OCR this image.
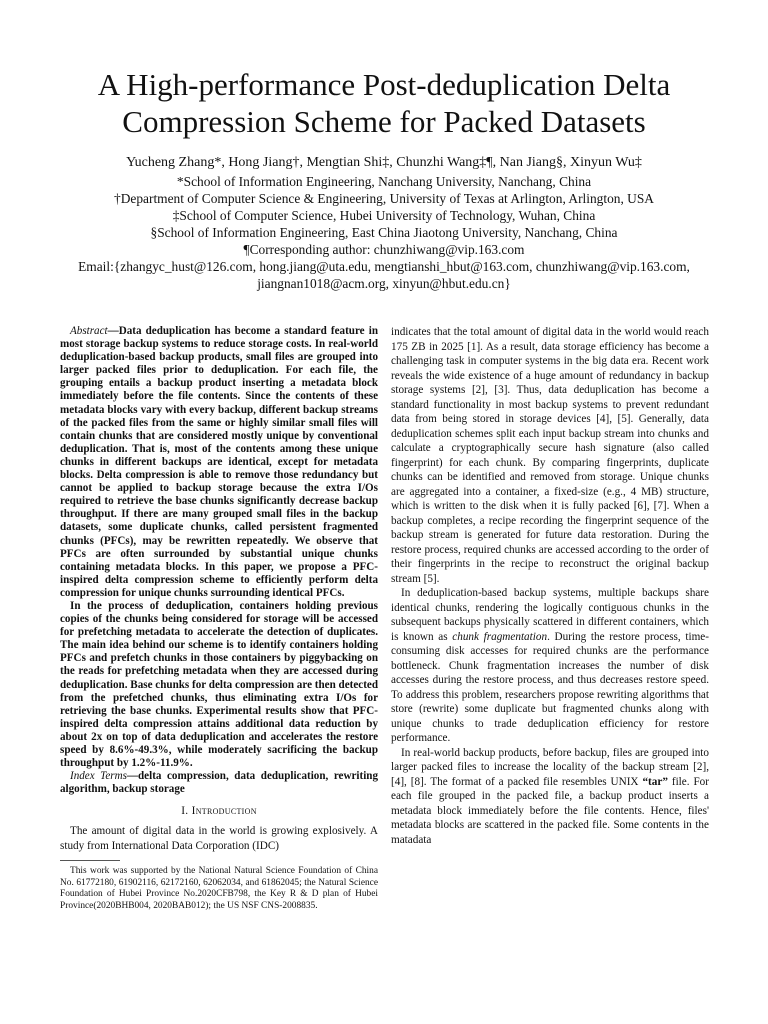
A High-performance Post-deduplication Delta
Compression Scheme for Packed Datasets
Yucheng Zhang*, Hong Jiang†, Mengtian Shi‡, Chunzhi Wang‡¶, Nan Jiang§, Xinyun Wu‡
*School of Information Engineering, Nanchang University, Nanchang, China
†Department of Computer Science & Engineering, University of Texas at Arlington, Arlington, USA
‡School of Computer Science, Hubei University of Technology, Wuhan, China
§School of Information Engineering, East China Jiaotong University, Nanchang, China
¶Corresponding author: chunzhiwang@vip.163.com
Email:{zhangyc_hust@126.com, hong.jiang@uta.edu, mengtianshi_hbut@163.com, chunzhiwang@vip.163.com,
jiangnan1018@acm.org, xinyun@hbut.edu.cn}

Abstract—Data deduplication has become a standard feature in most storage backup systems to reduce storage costs. In real-world deduplication-based backup products, small files are grouped into larger packed files prior to deduplication. For each file, the grouping entails a backup product inserting a metadata block immediately before the file contents. Since the contents of these metadata blocks vary with every backup, different backup streams of the packed files from the same or highly similar small files will contain chunks that are considered mostly unique by conventional deduplication. That is, most of the contents among these unique chunks in different backups are identical, except for metadata blocks. Delta compression is able to remove those redundancy but cannot be applied to backup storage because the extra I/Os required to retrieve the base chunks significantly decrease backup throughput. If there are many grouped small files in the backup datasets, some duplicate chunks, called persistent fragmented chunks (PFCs), may be rewritten repeatedly. We observe that PFCs are often surrounded by substantial unique chunks containing metadata blocks. In this paper, we propose a PFC-inspired delta compression scheme to efficiently perform delta compression for unique chunks surrounding identical PFCs.

In the process of deduplication, containers holding previous copies of the chunks being considered for storage will be accessed for prefetching metadata to accelerate the detection of duplicates. The main idea behind our scheme is to identify containers holding PFCs and prefetch chunks in those containers by piggybacking on the reads for prefetching metadata when they are accessed during deduplication. Base chunks for delta compression are then detected from the prefetched chunks, thus eliminating extra I/Os for retrieving the base chunks. Experimental results show that PFC-inspired delta compression attains additional data reduction by about 2x on top of data deduplication and accelerates the restore speed by 8.6%-49.3%, while moderately sacrificing the backup throughput by 1.2%-11.9%.

Index Terms—delta compression, data deduplication, rewriting algorithm, backup storage

I. Introduction

The amount of digital data in the world is growing explosively. A study from International Data Corporation (IDC)

This work was supported by the National Natural Science Foundation of China No. 61772180, 61902116, 62172160, 62062034, and 61862045; the Natural Science Foundation of Hubei Province No.2020CFB798, the Key R & D plan of Hubei Province(2020BHB004, 2020BAB012); the US NSF CNS-2008835.

indicates that the total amount of digital data in the world would reach 175 ZB in 2025 [1]. As a result, data storage efficiency has become a challenging task in computer systems in the big data era. Recent work reveals the wide existence of a huge amount of redundancy in backup storage systems [2], [3]. Thus, data deduplication has become a standard functionality in most backup systems to prevent redundant data from being stored in storage devices [4], [5]. Generally, data deduplication schemes split each input backup stream into chunks and calculate a cryptographically secure hash signature (also called fingerprint) for each chunk. By comparing fingerprints, duplicate chunks can be identified and removed from storage. Unique chunks are aggregated into a container, a fixed-size (e.g., 4 MB) structure, which is written to the disk when it is fully packed [6], [7]. When a backup completes, a recipe recording the fingerprint sequence of the backup stream is generated for future data restoration. During the restore process, required chunks are accessed according to the order of their fingerprints in the recipe to reconstruct the original backup stream [5].

In deduplication-based backup systems, multiple backups share identical chunks, rendering the logically contiguous chunks in the subsequent backups physically scattered in different containers, which is known as chunk fragmentation. During the restore process, time-consuming disk accesses for required chunks are the performance bottleneck. Chunk fragmentation increases the number of disk accesses during the restore process, and thus decreases restore speed. To address this problem, researchers propose rewriting algorithms that store (rewrite) some duplicate but fragmented chunks along with unique chunks to trade deduplication efficiency for restore performance.

In real-world backup products, before backup, files are grouped into larger packed files to increase the locality of the backup stream [2], [4], [8]. The format of a packed file resembles UNIX “tar” file. For each file grouped in the packed file, a backup product inserts a metadata block immediately before the file contents. Hence, files' metadata blocks are scattered in the packed file. Some contents in the matadata
